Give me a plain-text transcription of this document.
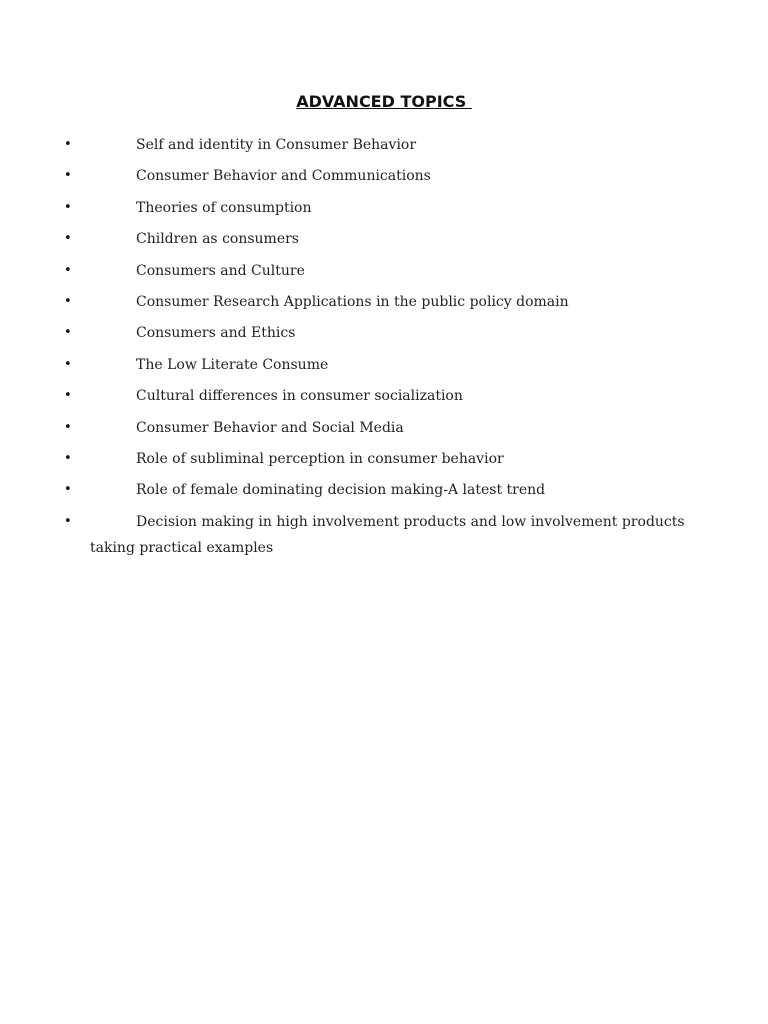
ADVANCED TOPICS
•	Self and identity in Consumer Behavior
•	Consumer Behavior and Communications
•	Theories of consumption
•	Children as consumers
•	Consumers and Culture
•	Consumer Research Applications in the public policy domain
•	Consumers and Ethics
•	The Low Literate Consume
•	Cultural differences in consumer socialization
•	Consumer Behavior and Social Media
•	Role of subliminal perception in consumer behavior
•	Role of female dominating decision making-A latest trend
•	Decision making in high involvement products and low involvement products taking practical examples
